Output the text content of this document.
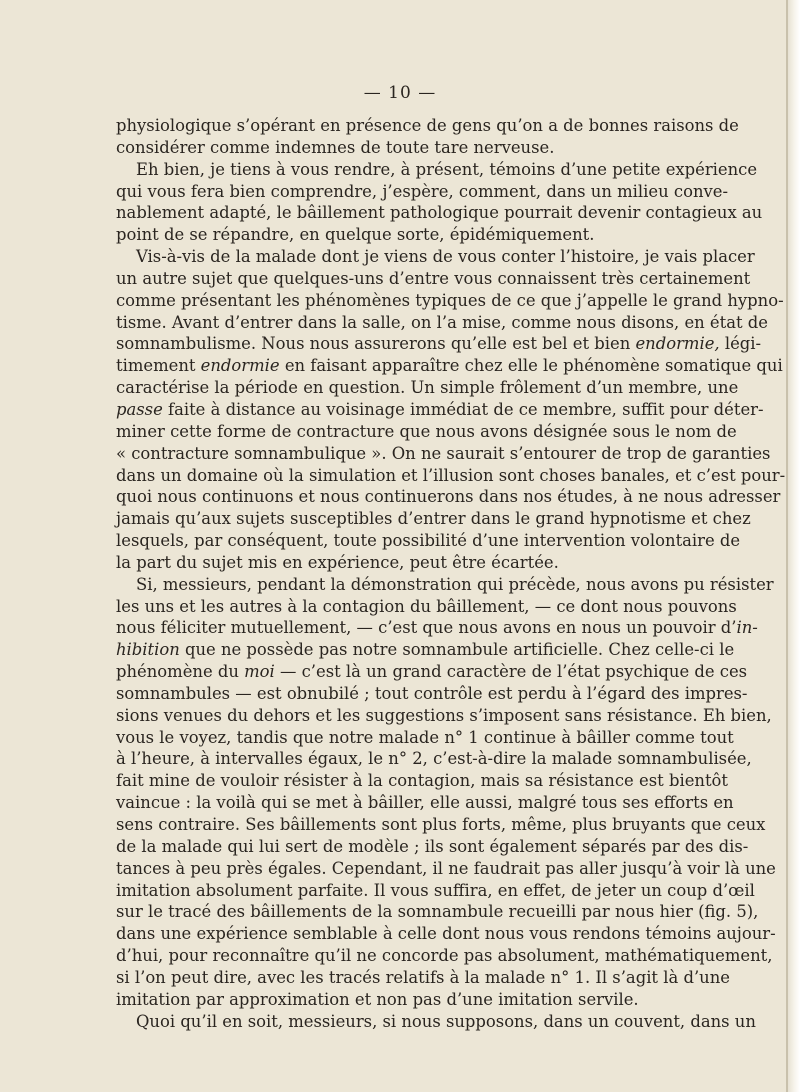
— 10 —
physiologique s’opérant en présence de gens qu’on a de bonnes raisons de
considérer comme indemnes de toute tare nerveuse.
Eh bien, je tiens à vous rendre, à présent, témoins d’une petite expérience
qui vous fera bien comprendre, j’espère, comment, dans un milieu conve-
nablement adapté, le bâillement pathologique pourrait devenir contagieux au
point de se répandre, en quelque sorte, épidémiquement.
Vis-à-vis de la malade dont je viens de vous conter l’histoire, je vais placer
un autre sujet que quelques-uns d’entre vous connaissent très certainement
comme présentant les phénomènes typiques de ce que j’appelle le grand hypno-
tisme. Avant d’entrer dans la salle, on l’a mise, comme nous disons, en état de
somnambulisme. Nous nous assurerons qu’elle est bel et bien endormie, légi-
timement endormie en faisant apparaître chez elle le phénomène somatique qui
caractérise la période en question. Un simple frôlement d’un membre, une
passe faite à distance au voisinage immédiat de ce membre, suffit pour déter-
miner cette forme de contracture que nous avons désignée sous le nom de
« contracture somnambulique ». On ne saurait s’entourer de trop de garanties
dans un domaine où la simulation et l’illusion sont choses banales, et c’est pour-
quoi nous continuons et nous continuerons dans nos études, à ne nous adresser
jamais qu’aux sujets susceptibles d’entrer dans le grand hypnotisme et chez
lesquels, par conséquent, toute possibilité d’une intervention volontaire de
la part du sujet mis en expérience, peut être écartée.
Si, messieurs, pendant la démonstration qui précède, nous avons pu résister
les uns et les autres à la contagion du bâillement, — ce dont nous pouvons
nous féliciter mutuellement, — c’est que nous avons en nous un pouvoir d’in-
hibition que ne possède pas notre somnambule artificielle. Chez celle-ci le
phénomène du moi — c’est là un grand caractère de l’état psychique de ces
somnambules — est obnubilé ; tout contrôle est perdu à l’égard des impres-
sions venues du dehors et les suggestions s’imposent sans résistance. Eh bien,
vous le voyez, tandis que notre malade n° 1 continue à bâiller comme tout
à l’heure, à intervalles égaux, le n° 2, c’est-à-dire la malade somnambulisée,
fait mine de vouloir résister à la contagion, mais sa résistance est bientôt
vaincue : la voilà qui se met à bâiller, elle aussi, malgré tous ses efforts en
sens contraire. Ses bâillements sont plus forts, même, plus bruyants que ceux
de la malade qui lui sert de modèle ; ils sont également séparés par des dis-
tances à peu près égales. Cependant, il ne faudrait pas aller jusqu’à voir là une
imitation absolument parfaite. Il vous suffira, en effet, de jeter un coup d’œil
sur le tracé des bâillements de la somnambule recueilli par nous hier (fig. 5),
dans une expérience semblable à celle dont nous vous rendons témoins aujour-
d’hui, pour reconnaître qu’il ne concorde pas absolument, mathématiquement,
si l’on peut dire, avec les tracés relatifs à la malade n° 1. Il s’agit là d’une
imitation par approximation et non pas d’une imitation servile.
Quoi qu’il en soit, messieurs, si nous supposons, dans un couvent, dans un
